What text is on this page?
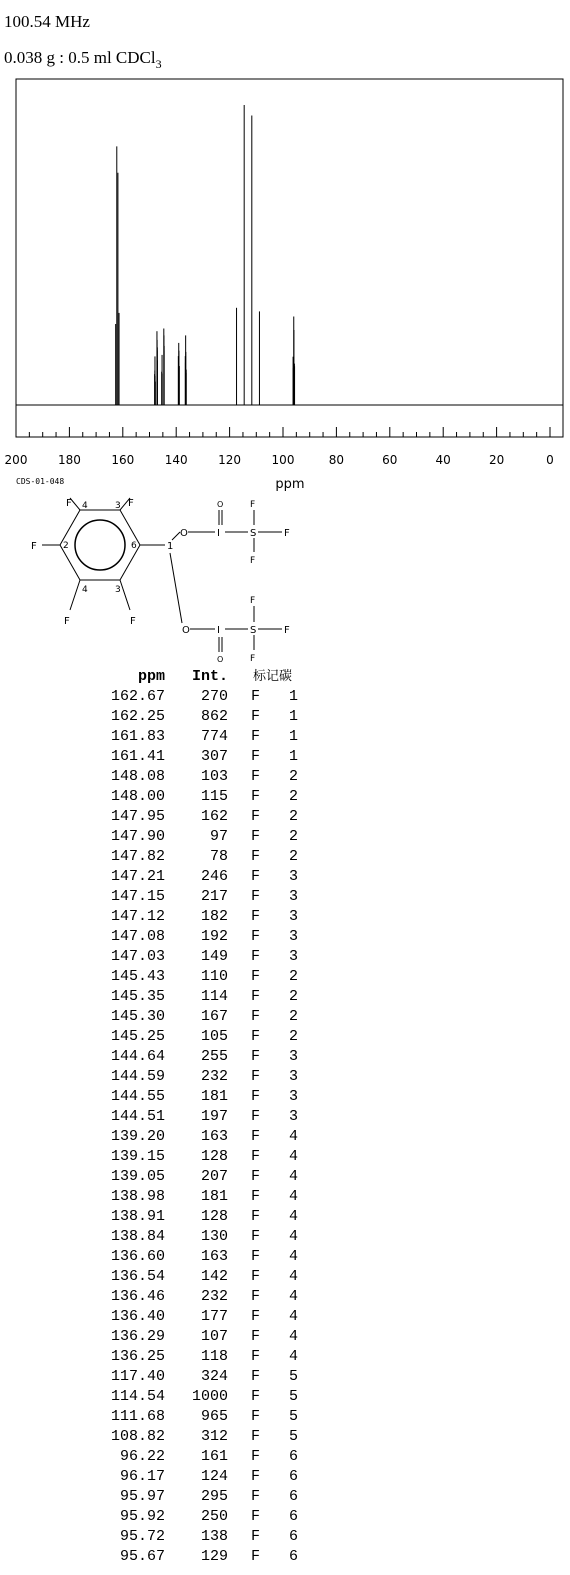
100.54 MHz
0.038 g : 0.5 ml CDCl$_3$
200	180	160	140	120	100	80	60	40	20	0
ppm
CDS-01-048
F	F
F
F	F
4	3
2	6
4	3
1
O	I
O
S
F
F
F
O	I
O
S
F
F
F
ppm	Int.	标记碳	
162.67	270	F	1
162.25	862	F	1
161.83	774	F	1
161.41	307	F	1
148.08	103	F	2
148.00	115	F	2
147.95	162	F	2
147.90	97	F	2
147.82	78	F	2
147.21	246	F	3
147.15	217	F	3
147.12	182	F	3
147.08	192	F	3
147.03	149	F	3
145.43	110	F	2
145.35	114	F	2
145.30	167	F	2
145.25	105	F	2
144.64	255	F	3
144.59	232	F	3
144.55	181	F	3
144.51	197	F	3
139.20	163	F	4
139.15	128	F	4
139.05	207	F	4
138.98	181	F	4
138.91	128	F	4
138.84	130	F	4
136.60	163	F	4
136.54	142	F	4
136.46	232	F	4
136.40	177	F	4
136.29	107	F	4
136.25	118	F	4
117.40	324	F	5
114.54	1000	F	5
111.68	965	F	5
108.82	312	F	5
96.22	161	F	6
96.17	124	F	6
95.97	295	F	6
95.92	250	F	6
95.72	138	F	6
95.67	129	F	6
